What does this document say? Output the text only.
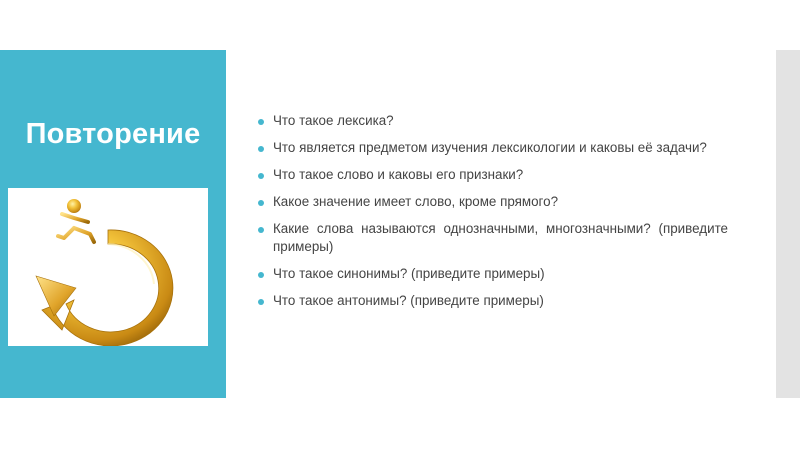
Повторение	Что такое лексика?
Что является предметом изучения лексикологии и каковы её задачи?
Что такое слово и каковы его признаки?
Какое значение имеет слово, кроме прямого?
Какие слова называются однозначными, многозначными? (приведите примеры)
Что такое синонимы? (приведите примеры)
Что такое антонимы? (приведите примеры)
